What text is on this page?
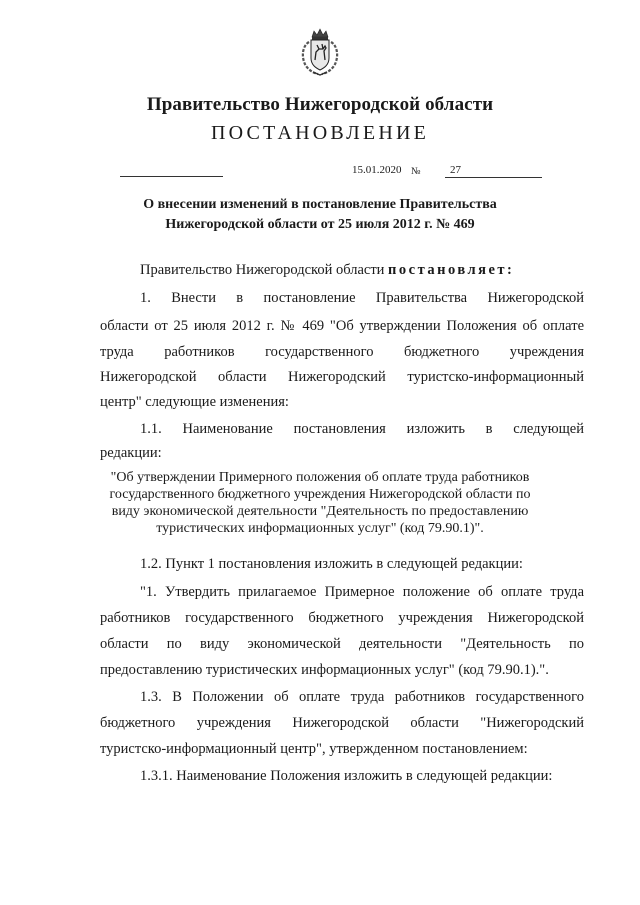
Правительство Нижегородской области
ПОСТАНОВЛЕНИЕ
15.01.2020 №	27
О внесении изменений в постановление Правительства
Нижегородской области от 25 июля 2012 г. № 469
Правительство Нижегородской области постановляет:
1. Внести в постановление Правительства Нижегородской
области от 25 июля 2012 г. № 469 "Об утверждении Положения об оплате
труда работников государственного бюджетного учреждения
Нижегородской области Нижегородский туристско-информационный
центр" следующие изменения:
1.1. Наименование постановления изложить в следующей
редакции:
"Об утверждении Примерного положения об оплате труда работников
государственного бюджетного учреждения Нижегородской области по
виду экономической деятельности "Деятельность по предоставлению
туристических информационных услуг" (код 79.90.1)".
1.2. Пункт 1 постановления изложить в следующей редакции:
"1. Утвердить прилагаемое Примерное положение об оплате труда
работников государственного бюджетного учреждения Нижегородской
области по виду экономической деятельности "Деятельность по
предоставлению туристических информационных услуг" (код 79.90.1).".
1.3. В Положении об оплате труда работников государственного
бюджетного учреждения Нижегородской области "Нижегородский
туристско-информационный центр", утвержденном постановлением:
1.3.1. Наименование Положения изложить в следующей редакции:
